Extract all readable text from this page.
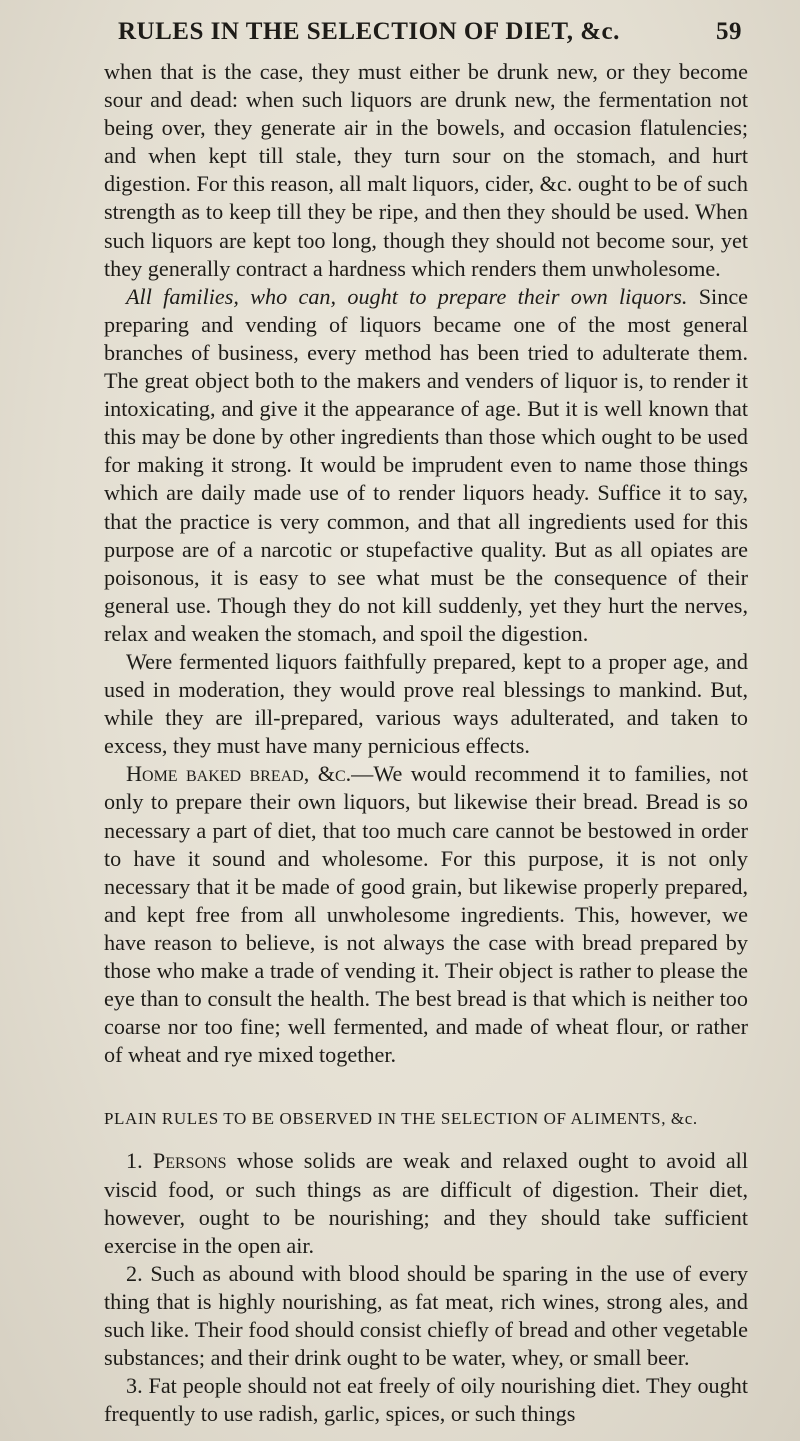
RULES IN THE SELECTION OF DIET, &c.	59

when that is the case, they must either be drunk new, or they become sour and dead: when such liquors are drunk new, the fermentation not being over, they generate air in the bowels, and occasion flatulencies; and when kept till stale, they turn sour on the stomach, and hurt digestion. For this reason, all malt liquors, cider, &c. ought to be of such strength as to keep till they be ripe, and then they should be used. When such liquors are kept too long, though they should not become sour, yet they generally contract a hardness which renders them unwholesome.

All families, who can, ought to prepare their own liquors. Since preparing and vending of liquors became one of the most general branches of business, every method has been tried to adulterate them. The great object both to the makers and venders of liquor is, to render it intoxicating, and give it the appearance of age. But it is well known that this may be done by other ingredients than those which ought to be used for making it strong. It would be imprudent even to name those things which are daily made use of to render liquors heady. Suffice it to say, that the practice is very common, and that all ingredients used for this purpose are of a narcotic or stupefactive quality. But as all opiates are poisonous, it is easy to see what must be the consequence of their general use. Though they do not kill suddenly, yet they hurt the nerves, relax and weaken the stomach, and spoil the digestion.

Were fermented liquors faithfully prepared, kept to a proper age, and used in moderation, they would prove real blessings to mankind. But, while they are ill-prepared, various ways adulterated, and taken to excess, they must have many pernicious effects.

Home baked bread, &c.—We would recommend it to families, not only to prepare their own liquors, but likewise their bread. Bread is so necessary a part of diet, that too much care cannot be bestowed in order to have it sound and wholesome. For this purpose, it is not only necessary that it be made of good grain, but likewise properly prepared, and kept free from all unwholesome ingredients. This, however, we have reason to believe, is not always the case with bread prepared by those who make a trade of vending it. Their object is rather to please the eye than to consult the health. The best bread is that which is neither too coarse nor too fine; well fermented, and made of wheat flour, or rather of wheat and rye mixed together.

PLAIN RULES TO BE OBSERVED IN THE SELECTION OF ALIMENTS, &c.

1. Persons whose solids are weak and relaxed ought to avoid all viscid food, or such things as are difficult of digestion. Their diet, however, ought to be nourishing; and they should take sufficient exercise in the open air.

2. Such as abound with blood should be sparing in the use of every thing that is highly nourishing, as fat meat, rich wines, strong ales, and such like. Their food should consist chiefly of bread and other vegetable substances; and their drink ought to be water, whey, or small beer.

3. Fat people should not eat freely of oily nourishing diet. They ought frequently to use radish, garlic, spices, or such things
